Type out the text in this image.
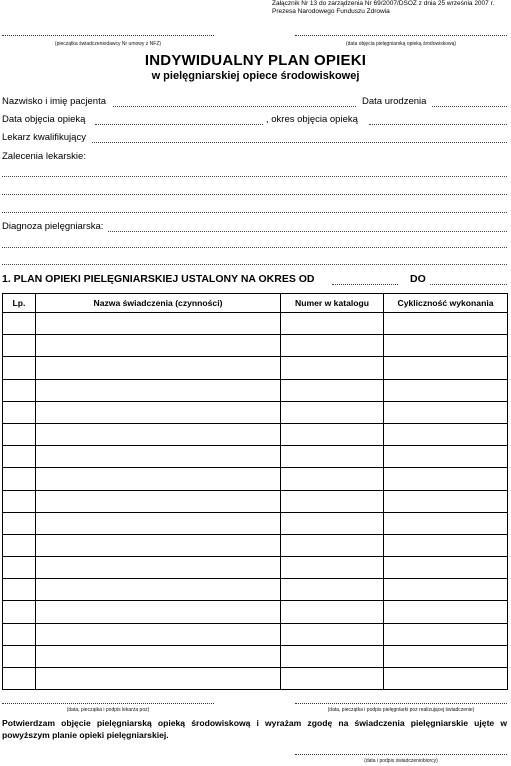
Załącznik Nr 13 do zarządzenia Nr 69/2007/DSOZ z dnia 25 września 2007 r.
Prezesa Narodowego Funduszu Zdrowia
(pieczątka świadczeniodawcy Nr umowy z NFZ)	(data objęcia pielęgniarską opieką środowiskową)
INDYWIDUALNY PLAN OPIEKI
w pielęgniarskiej opiece środowiskowej
Nazwisko i imię pacjenta	Data urodzenia
Data objęcia opieką	, okres objęcia opieką
Lekarz kwalifikujący
Zalecenia lekarskie:
Diagnoza pielęgniarska:
1. PLAN OPIEKI PIELĘGNIARSKIEJ USTALONY NA OKRES OD	DO
Lp.	Nazwa świadczenia (czynności)	Numer w katalogu	Cykliczność wykonania

(data, pieczątka i podpis lekarza poz)	(data, pieczątka i podpis pielęgniarki poz realizującej świadczenie)
Potwierdzam objęcie pielęgniarską opieką środowiskową i wyrażam zgodę na świadczenia pielęgniarskie ujęte w powyższym planie opieki pielęgniarskiej.
(data i podpis świadczeniobiorcy)
